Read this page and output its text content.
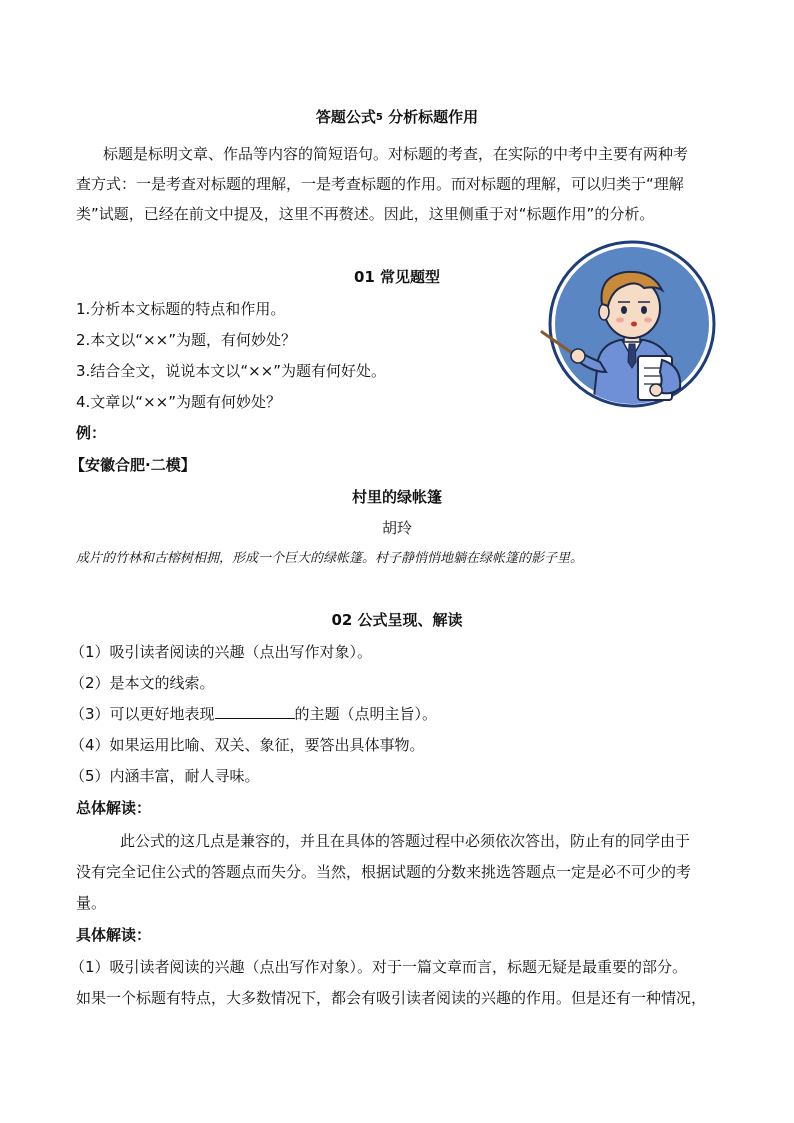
答题公式$^5$ 分析标题作用
标题是标明文章、作品等内容的简短语句。对标题的考查，在实际的中考中主要有两种考
查方式：一是考查对标题的理解，一是考查标题的作用。而对标题的理解，可以归类于“理解
类”试题，已经在前文中提及，这里不再赘述。因此，这里侧重于对“标题作用”的分析。
01 常见题型
1.分析本文标题的特点和作用。
2.本文以“××”为题，有何妙处？
3.结合全文，说说本文以“××”为题有何好处。
4.文章以“××”为题有何妙处？
例：
【安徽合肥·二模】
村里的绿帐篷
胡玲
成片的竹林和古榕树相拥，形成一个巨大的绿帐篷。村子静悄悄地躺在绿帐篷的影子里。
02 公式呈现、解读
（1）吸引读者阅读的兴趣（点出写作对象）。
（2）是本文的线索。
（3）可以更好地表现	的主题（点明主旨）。
（4）如果运用比喻、双关、象征，要答出具体事物。
（5）内涵丰富，耐人寻味。
总体解读：
此公式的这几点是兼容的，并且在具体的答题过程中必须依次答出，防止有的同学由于
没有完全记住公式的答题点而失分。当然，根据试题的分数来挑选答题点一定是必不可少的考
量。
具体解读：
（1）吸引读者阅读的兴趣（点出写作对象）。对于一篇文章而言，标题无疑是最重要的部分。
如果一个标题有特点，大多数情况下，都会有吸引读者阅读的兴趣的作用。但是还有一种情况，
